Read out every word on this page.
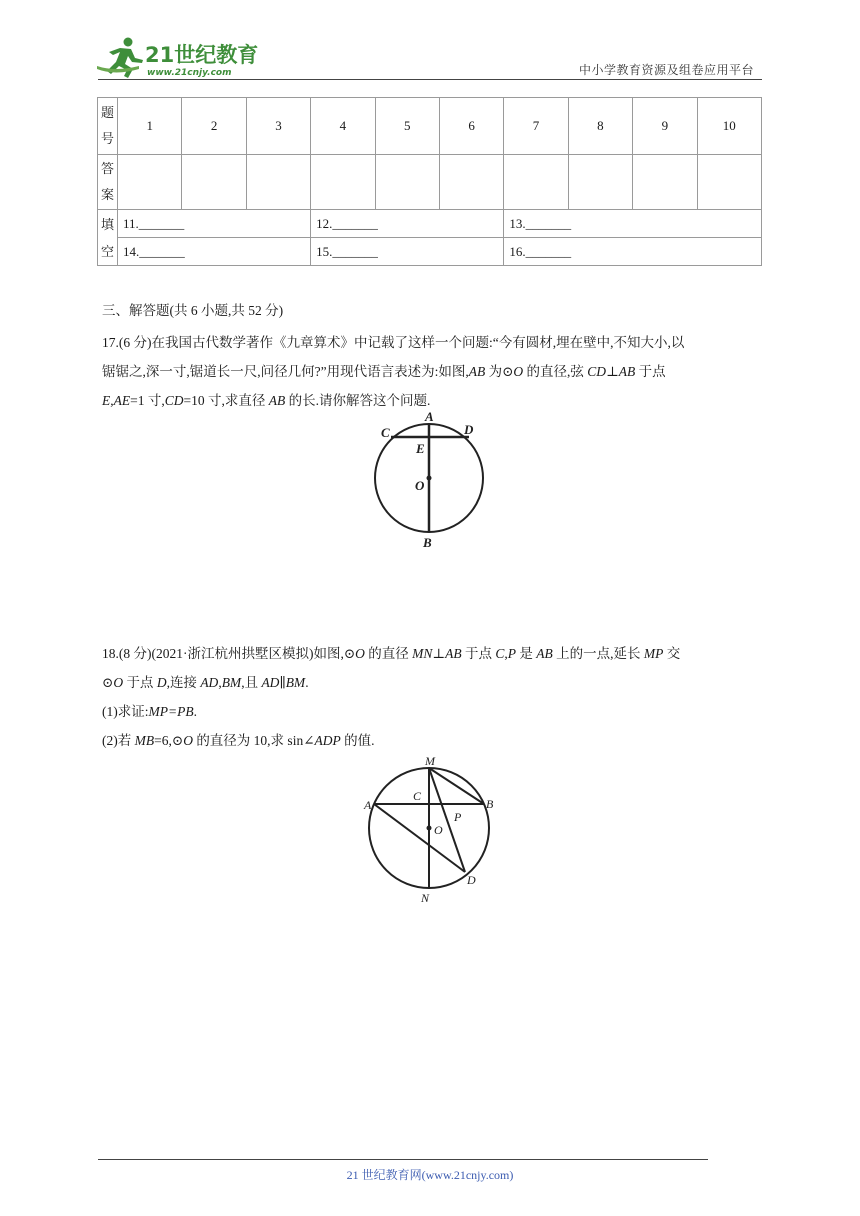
21世纪教育
www.21cnjy.com	中小学教育资源及组卷应用平台
题号	1	2	3	4	5	6	7	8	9	10
答案										
填空	11._______			12._______			13._______			
	14._______			15._______			16._______			
三、解答题(共 6 小题,共 52 分)
17.(6 分)在我国古代数学著作《九章算术》中记载了这样一个问题:“今有圆材,埋在壁中,不知大小,以
锯锯之,深一寸,锯道长一尺,问径几何?”用现代语言表述为:如图,AB 为⊙O 的直径,弦 CD⊥AB 于点
E,AE=1 寸,CD=10 寸,求直径 AB 的长.请你解答这个问题.
A
C	D
E
O
B
18.(8 分)(2021·浙江杭州拱墅区模拟)如图,⊙O 的直径 MN⊥AB 于点 C,P 是 AB 上的一点,延长 MP 交
⊙O 于点 D,连接 AD,BM,且 AD∥BM.
(1)求证:MP=PB.
(2)若 MB=6,⊙O 的直径为 10,求 sin∠ADP 的值.
M
A	B
C
P
O
D
N
21 世纪教育网(www.21cnjy.com)
